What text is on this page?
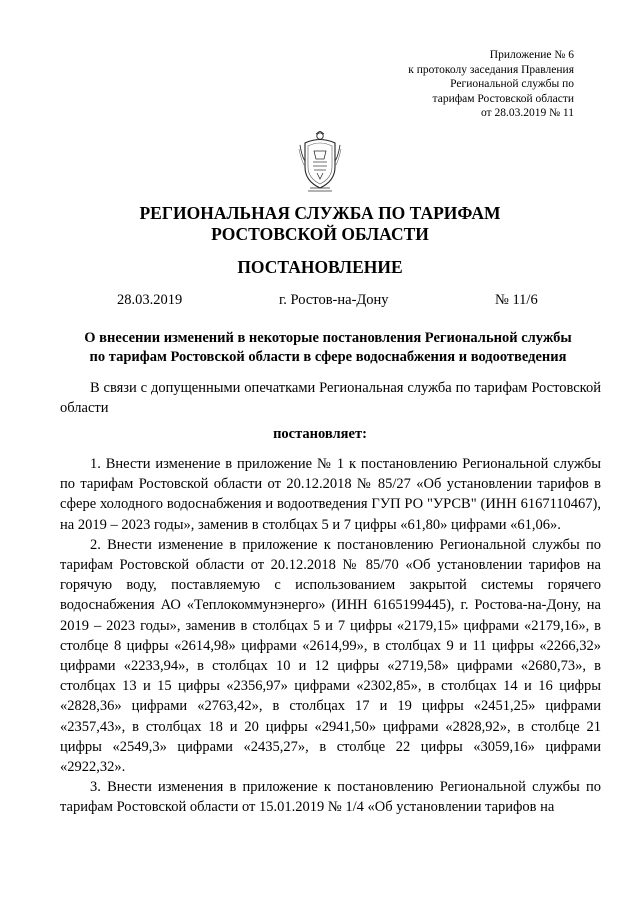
Приложение № 6
к протоколу заседания Правления
Региональной службы по
тарифам Ростовской области
от 28.03.2019 № 11
РЕГИОНАЛЬНАЯ СЛУЖБА ПО ТАРИФАМ
РОСТОВСКОЙ ОБЛАСТИ
ПОСТАНОВЛЕНИЕ
28.03.2019	г. Ростов-на-Дону	№ 11/6
О внесении изменений в некоторые постановления Региональной службы
по тарифам Ростовской области в сфере водоснабжения и водоотведения

В связи с допущенными опечатками Региональная служба по тарифам Ростовской области

постановляет:

1. Внести изменение в приложение № 1 к постановлению Региональной службы по тарифам Ростовской области от 20.12.2018 № 85/27 «Об установлении тарифов в сфере холодного водоснабжения и водоотведения ГУП РО "УРСВ" (ИНН 6167110467), на 2019 – 2023 годы», заменив в столбцах 5 и 7 цифры «61,80» цифрами «61,06».

2. Внести изменение в приложение к постановлению Региональной службы по тарифам Ростовской области от 20.12.2018 № 85/70 «Об установлении тарифов на горячую воду, поставляемую с использованием закрытой системы горячего водоснабжения АО «Теплокоммунэнерго» (ИНН 6165199445), г. Ростова-на-Дону, на 2019 – 2023 годы», заменив в столбцах 5 и 7 цифры «2179,15» цифрами «2179,16», в столбце 8 цифры «2614,98» цифрами «2614,99», в столбцах 9 и 11 цифры «2266,32» цифрами «2233,94», в столбцах 10 и 12 цифры «2719,58» цифрами «2680,73», в столбцах 13 и 15 цифры «2356,97» цифрами «2302,85», в столбцах 14 и 16 цифры «2828,36» цифрами «2763,42», в столбцах 17 и 19 цифры «2451,25» цифрами «2357,43», в столбцах 18 и 20 цифры «2941,50» цифрами «2828,92», в столбце 21 цифры «2549,3» цифрами «2435,27», в столбце 22 цифры «3059,16» цифрами «2922,32».

3. Внести изменения в приложение к постановлению Региональной службы по тарифам Ростовской области от 15.01.2019 № 1/4 «Об установлении тарифов на
